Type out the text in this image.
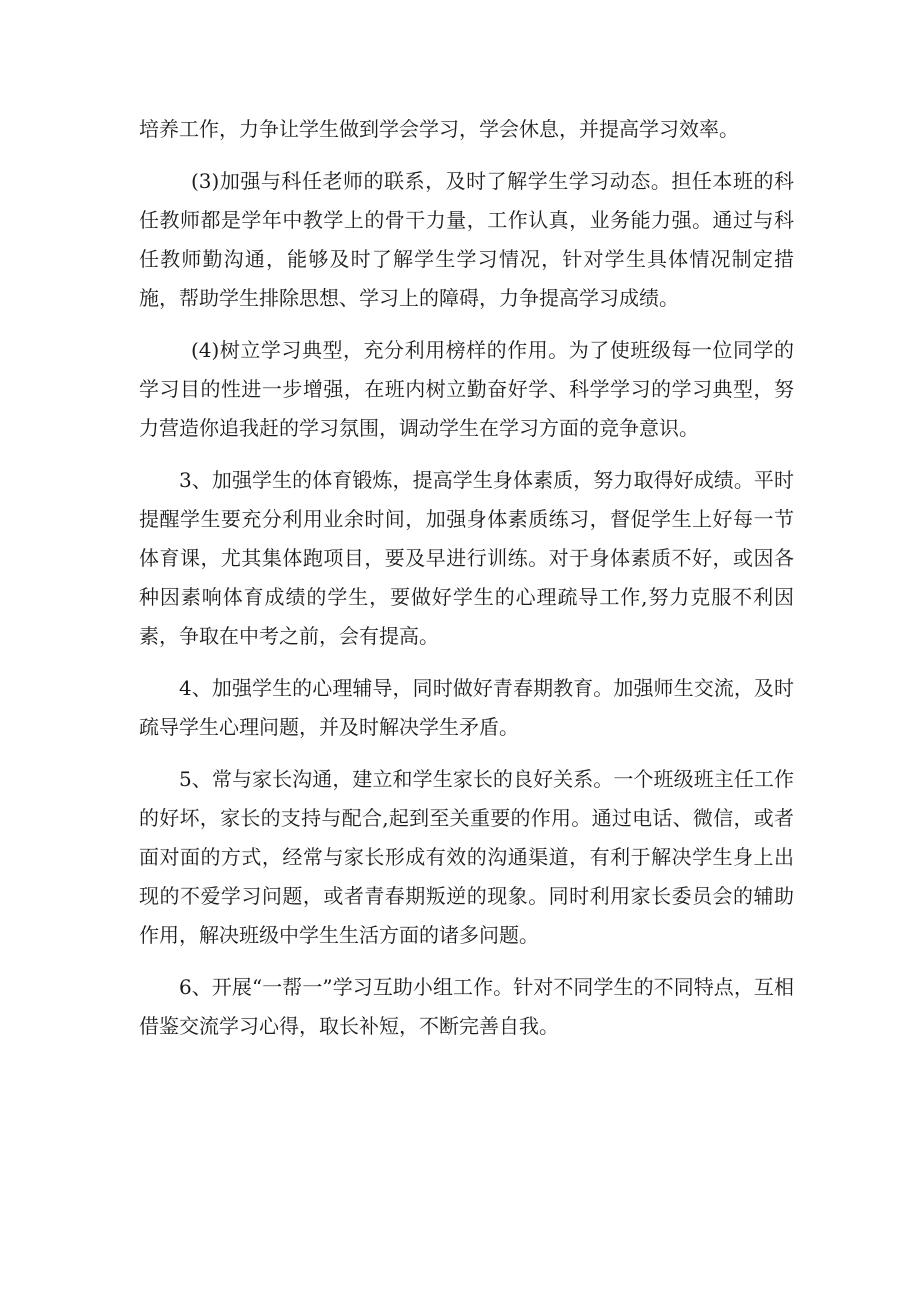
培养工作，力争让学生做到学会学习，学会休息，并提高学习效率。

(3)加强与科任老师的联系，及时了解学生学习动态。担任本班的科任教师都是学年中教学上的骨干力量，工作认真，业务能力强。通过与科任教师勤沟通，能够及时了解学生学习情况，针对学生具体情况制定措施，帮助学生排除思想、学习上的障碍，力争提高学习成绩。

(4)树立学习典型，充分利用榜样的作用。为了使班级每一位同学的学习目的性进一步增强，在班内树立勤奋好学、科学学习的学习典型，努力营造你追我赶的学习氛围，调动学生在学习方面的竞争意识。

3、加强学生的体育锻炼，提高学生身体素质，努力取得好成绩。平时提醒学生要充分利用业余时间，加强身体素质练习，督促学生上好每一节体育课，尤其集体跑项目，要及早进行训练。对于身体素质不好，或因各种因素响体育成绩的学生，要做好学生的心理疏导工作,努力克服不利因素，争取在中考之前，会有提高。

4、加强学生的心理辅导，同时做好青春期教育。加强师生交流，及时疏导学生心理问题，并及时解决学生矛盾。

5、常与家长沟通，建立和学生家长的良好关系。一个班级班主任工作的好坏，家长的支持与配合,起到至关重要的作用。通过电话、微信，或者面对面的方式，经常与家长形成有效的沟通渠道，有利于解决学生身上出现的不爱学习问题，或者青春期叛逆的现象。同时利用家长委员会的辅助作用，解决班级中学生生活方面的诸多问题。

6、开展“一帮一”学习互助小组工作。针对不同学生的不同特点，互相借鉴交流学习心得，取长补短，不断完善自我。
